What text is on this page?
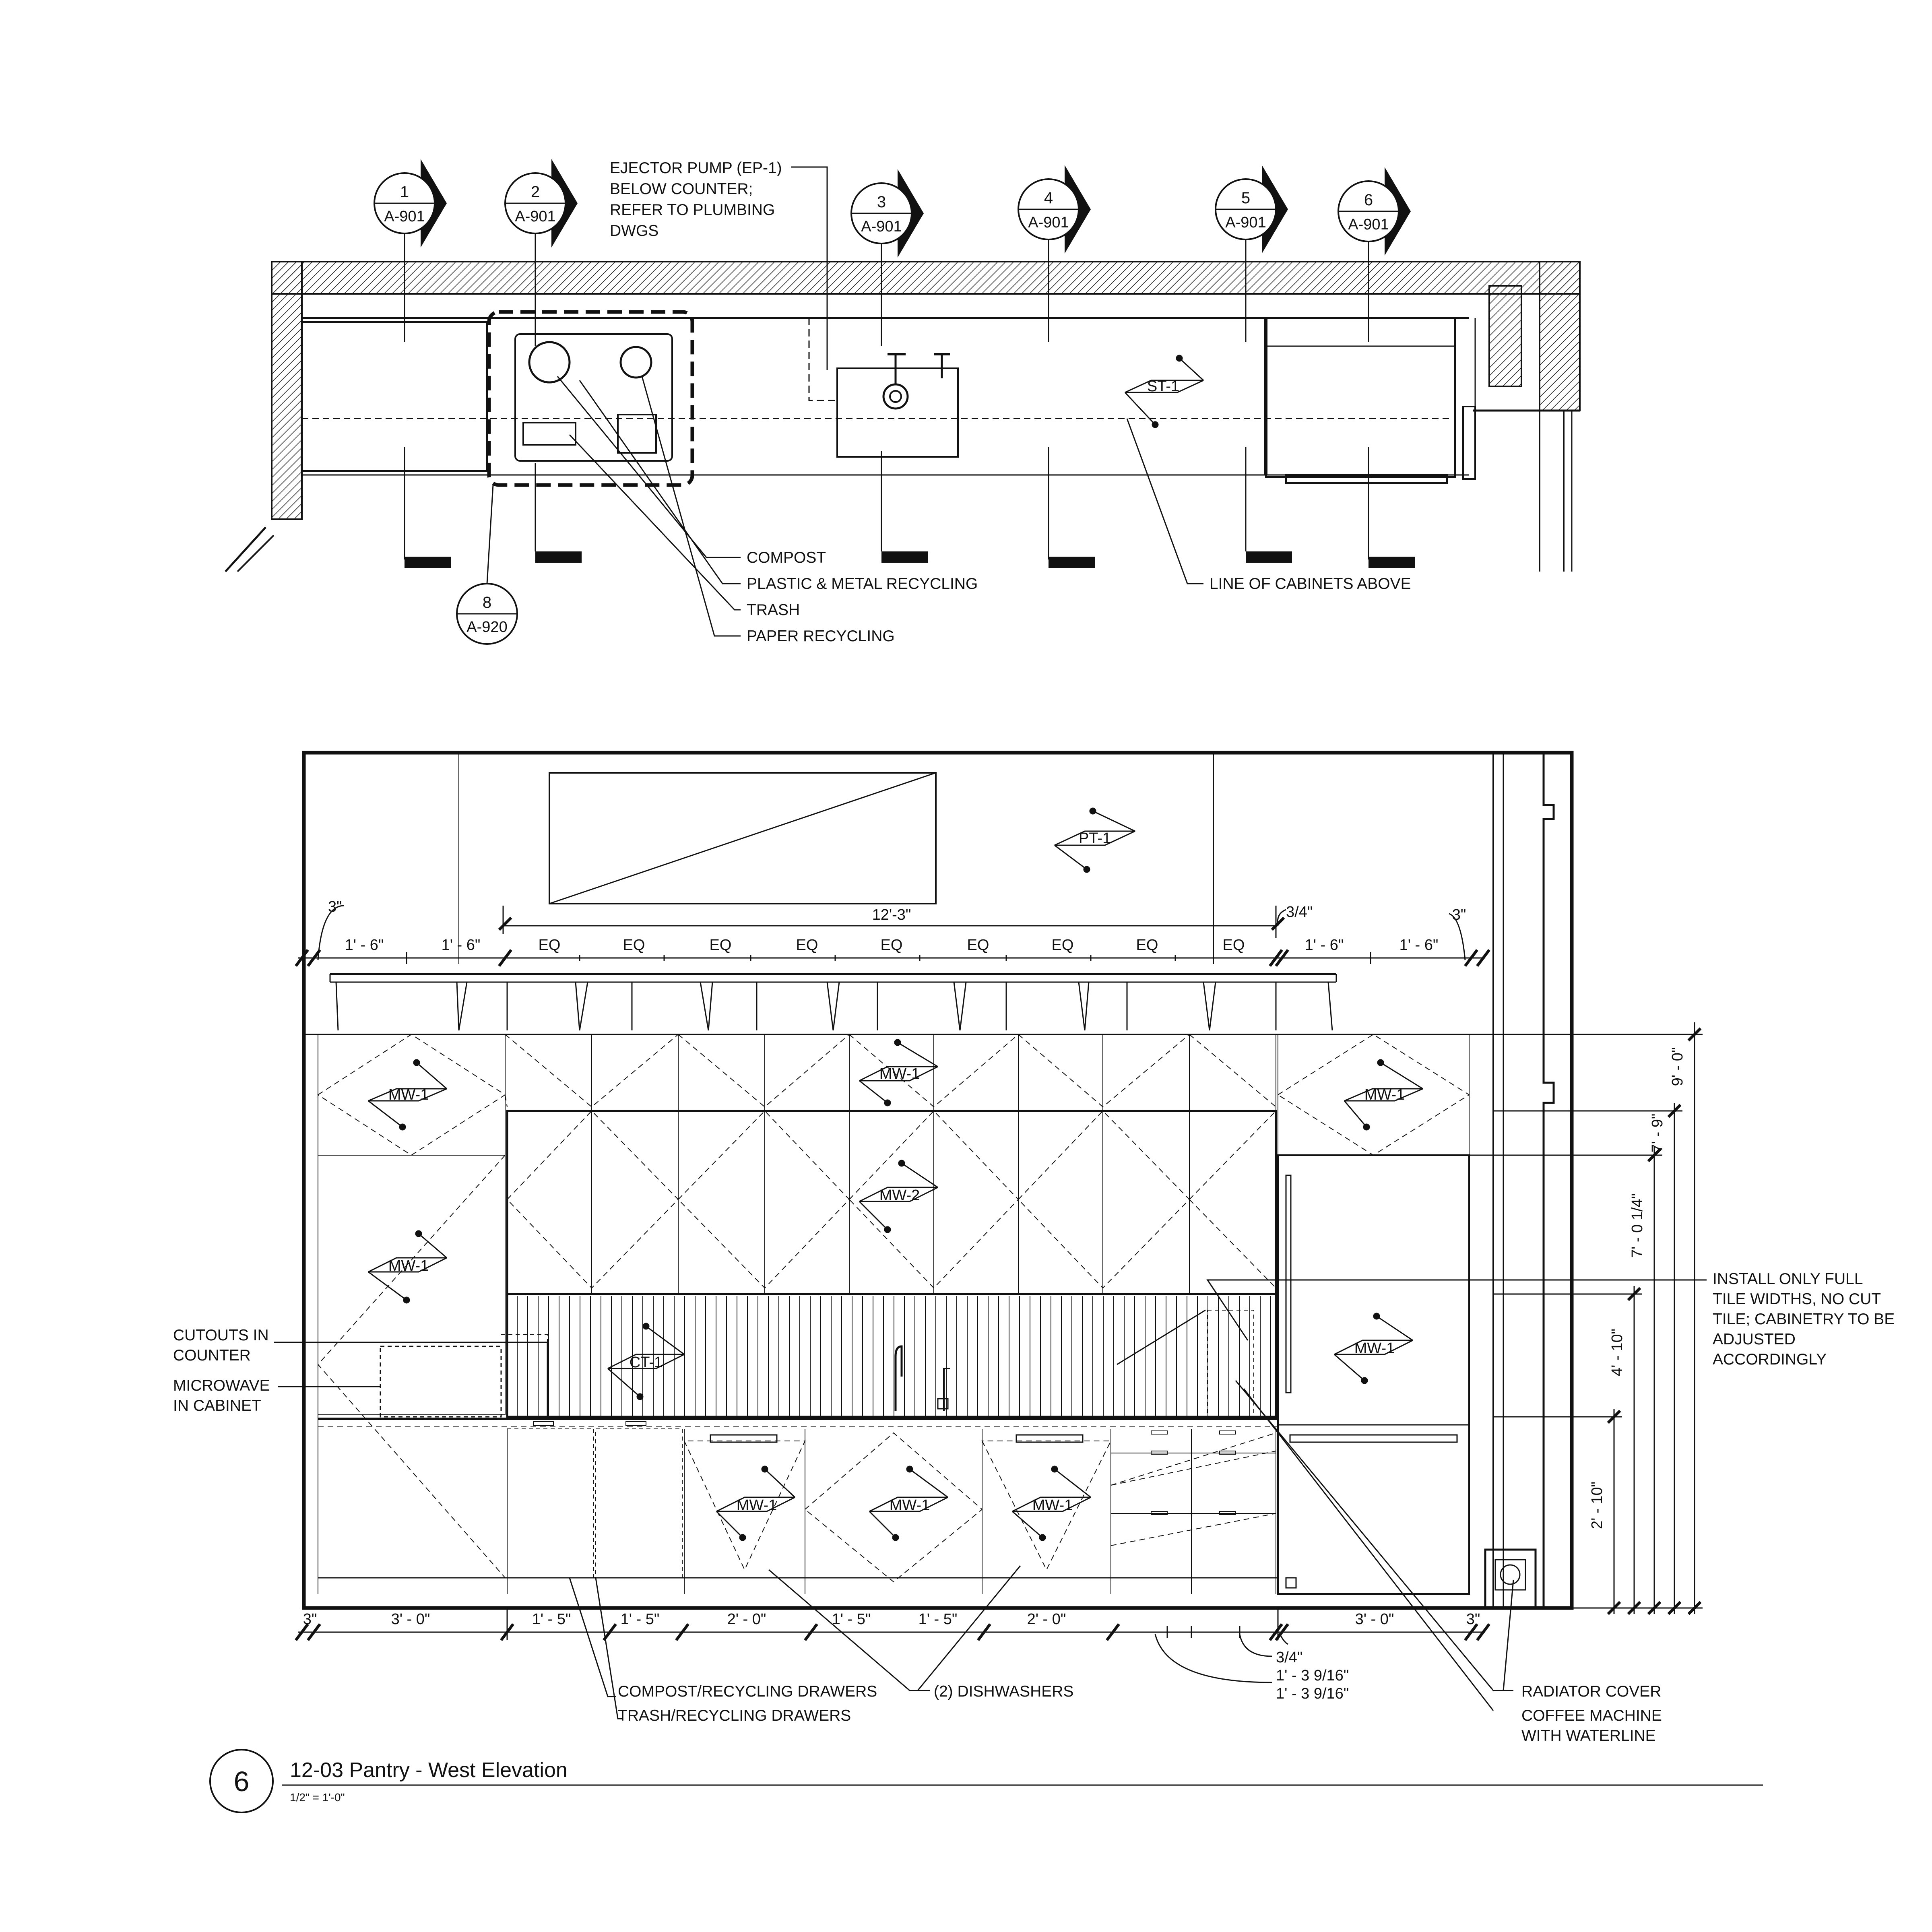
1
A-901
2
A-901
3
A-901
4
A-901
5
A-901
6
A-901
8
A-920
EJECTOR PUMP (EP-1)
BELOW COUNTER;
REFER TO PLUMBING
DWGS
COMPOST
PLASTIC & METAL RECYCLING
TRASH
PAPER RECYCLING
LINE OF CABINETS ABOVE
ST-1
PT-1
MW-1
MW-1
MW-1
MW-2
MW-1
CT-1
MW-1
MW-1	MW-1	MW-1
3"
1' - 6"	1' - 6"	EQ	EQ	EQ	EQ	EQ	EQ	EQ	EQ	EQ
3/4"
1' - 6"	1' - 6"
3"
12'-3"
3"	3' - 0"	1' - 5"	1' - 5"	2' - 0"	1' - 5"	1' - 5"	2' - 0"	3' - 0"	3"
3/4"
1' - 3 9/16"
1' - 3 9/16"
9' - 0"
7' - 9"
7' - 0 1/4"
4' - 10"
2' - 10"
CUTOUTS IN
COUNTER
MICROWAVE
IN CABINET
INSTALL ONLY FULL
TILE WIDTHS, NO CUT
TILE; CABINETRY TO BE
ADJUSTED
ACCORDINGLY
COMPOST/RECYCLING DRAWERS
TRASH/RECYCLING DRAWERS
(2) DISHWASHERS	RADIATOR COVER
COFFEE MACHINE
WITH WATERLINE
6 12-03 Pantry - West Elevation
1/2" = 1'-0"
